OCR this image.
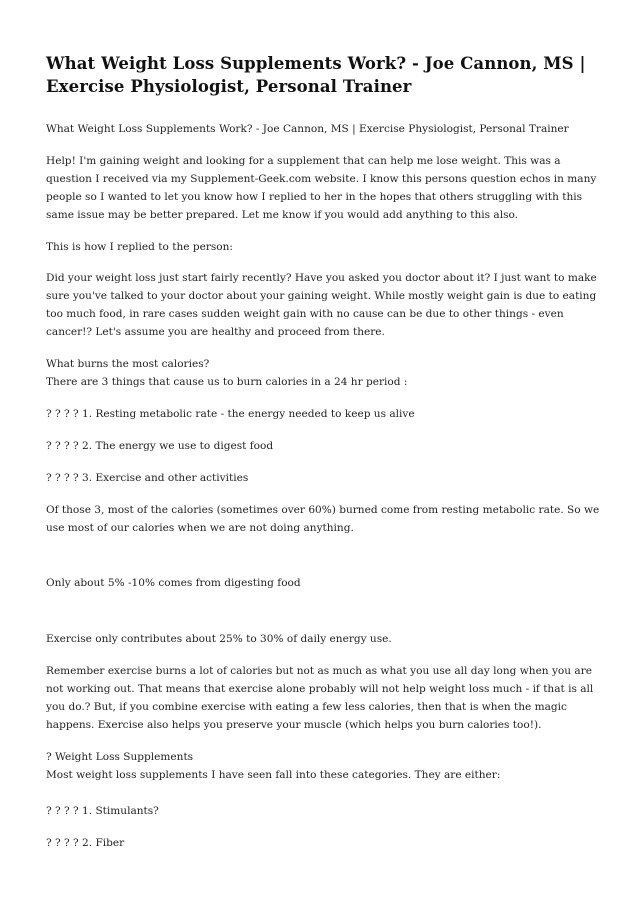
What Weight Loss Supplements Work? - Joe Cannon, MS | Exercise Physiologist, Personal Trainer

What Weight Loss Supplements Work? - Joe Cannon, MS | Exercise Physiologist, Personal Trainer

Help! I'm gaining weight and looking for a supplement that can help me lose weight. This was a question I received via my Supplement-Geek.com website. I know this persons question echos in many people so I wanted to let you know how I replied to her in the hopes that others struggling with this same issue may be better prepared. Let me know if you would add anything to this also.

This is how I replied to the person:

Did your weight loss just start fairly recently? Have you asked you doctor about it? I just want to make sure you've talked to your doctor about your gaining weight. While mostly weight gain is due to eating too much food, in rare cases sudden weight gain with no cause can be due to other things - even cancer!? Let's assume you are healthy and proceed from there.

What burns the most calories?

There are 3 things that cause us to burn calories in a 24 hr period :

? ? ? ? 1. Resting metabolic rate - the energy needed to keep us alive

? ? ? ? 2. The energy we use to digest food

? ? ? ? 3. Exercise and other activities

Of those 3, most of the calories (sometimes over 60%) burned come from resting metabolic rate. So we use most of our calories when we are not doing anything.

Only about 5% -10% comes from digesting food

Exercise only contributes about 25% to 30% of daily energy use.

Remember exercise burns a lot of calories but not as much as what you use all day long when you are not working out. That means that exercise alone probably will not help weight loss much - if that is all you do.? But, if you combine exercise with eating a few less calories, then that is when the magic happens. Exercise also helps you preserve your muscle (which helps you burn calories too!).

? Weight Loss Supplements

Most weight loss supplements I have seen fall into these categories. They are either:

? ? ? ? 1. Stimulants?

? ? ? ? 2. Fiber
